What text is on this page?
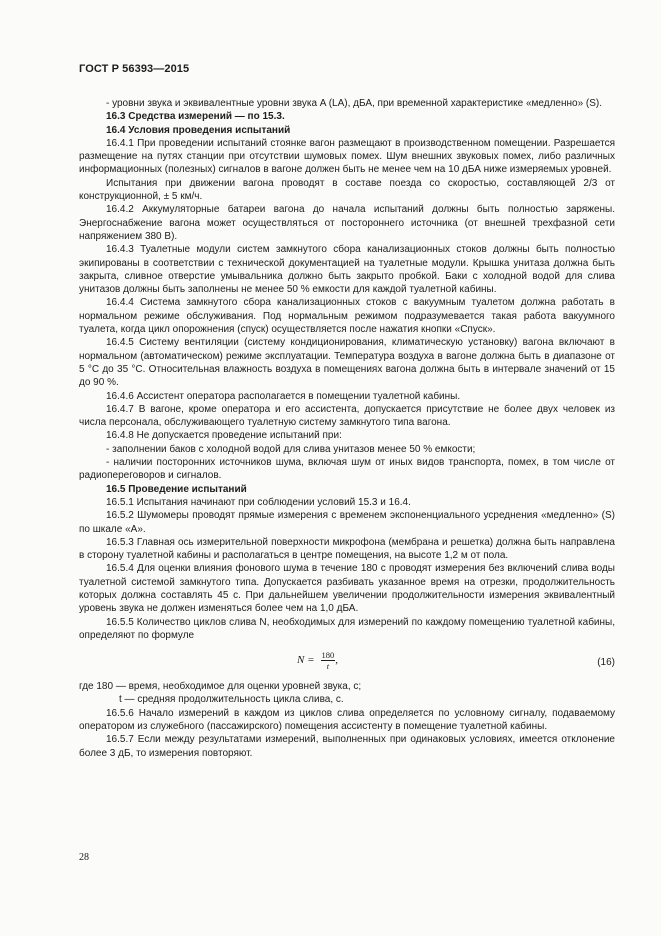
ГОСТ Р 56393—2015

- уровни звука и эквивалентные уровни звука A (LA), дБА, при временной характеристике «медленно» (S).

16.3 Средства измерений — по 15.3.

16.4 Условия проведения испытаний

16.4.1 При проведении испытаний стоянке вагон размещают в производственном помещении. Разрешается размещение на путях станции при отсутствии шумовых помех. Шум внешних звуковых помех, либо различных информационных (полезных) сигналов в вагоне должен быть не менее чем на 10 дБА ниже измеряемых уровней.

Испытания при движении вагона проводят в составе поезда со скоростью, составляющей 2/3 от конструкционной, ± 5 км/ч.

16.4.2 Аккумуляторные батареи вагона до начала испытаний должны быть полностью заряжены. Энергоснабжение вагона может осуществляться от постороннего источника (от внешней трехфазной сети напряжением 380 В).

16.4.3 Туалетные модули систем замкнутого сбора канализационных стоков должны быть полностью экипированы в соответствии с технической документацией на туалетные модули. Крышка унитаза должна быть закрыта, сливное отверстие умывальника должно быть закрыто пробкой. Баки с холодной водой для слива унитазов должны быть заполнены не менее 50 % емкости для каждой туалетной кабины.

16.4.4 Система замкнутого сбора канализационных стоков с вакуумным туалетом должна работать в нормальном режиме обслуживания. Под нормальным режимом подразумевается такая работа вакуумного туалета, когда цикл опорожнения (спуск) осуществляется после нажатия кнопки «Спуск».

16.4.5 Систему вентиляции (систему кондиционирования, климатическую установку) вагона включают в нормальном (автоматическом) режиме эксплуатации. Температура воздуха в вагоне должна быть в диапазоне от 5 °С до 35 °С. Относительная влажность воздуха в помещениях вагона должна быть в интервале значений от 15 до 90 %.

16.4.6 Ассистент оператора располагается в помещении туалетной кабины.

16.4.7 В вагоне, кроме оператора и его ассистента, допускается присутствие не более двух человек из числа персонала, обслуживающего туалетную систему замкнутого типа вагона.

16.4.8 Не допускается проведение испытаний при:

- заполнении баков с холодной водой для слива унитазов менее 50 % емкости;

- наличии посторонних источников шума, включая шум от иных видов транспорта, помех, в том числе от радиопереговоров и сигналов.

16.5 Проведение испытаний

16.5.1 Испытания начинают при соблюдении условий 15.3 и 16.4.

16.5.2 Шумомеры проводят прямые измерения с временем экспоненциального усреднения «медленно» (S) по шкале «А».

16.5.3 Главная ось измерительной поверхности микрофона (мембрана и решетка) должна быть направлена в сторону туалетной кабины и располагаться в центре помещения, на высоте 1,2 м от пола.

16.5.4 Для оценки влияния фонового шума в течение 180 с проводят измерения без включений слива воды туалетной системой замкнутого типа. Допускается разбивать указанное время на отрезки, продолжительность которых должна составлять 45 с. При дальнейшем увеличении продолжительности измерения эквивалентный уровень звука не должен изменяться более чем на 1,0 дБА.

16.5.5 Количество циклов слива N, необходимых для измерений по каждому помещению туалетной кабины, определяют по формуле

$N = \frac{180}{t}$ ,	(16)

где 180 — время, необходимое для оценки уровней звука, с;

t — средняя продолжительность цикла слива, с.

16.5.6 Начало измерений в каждом из циклов слива определяется по условному сигналу, подаваемому оператором из служебного (пассажирского) помещения ассистенту в помещение туалетной кабины.

16.5.7 Если между результатами измерений, выполненных при одинаковых условиях, имеется отклонение более 3 дБ, то измерения повторяют.

28
